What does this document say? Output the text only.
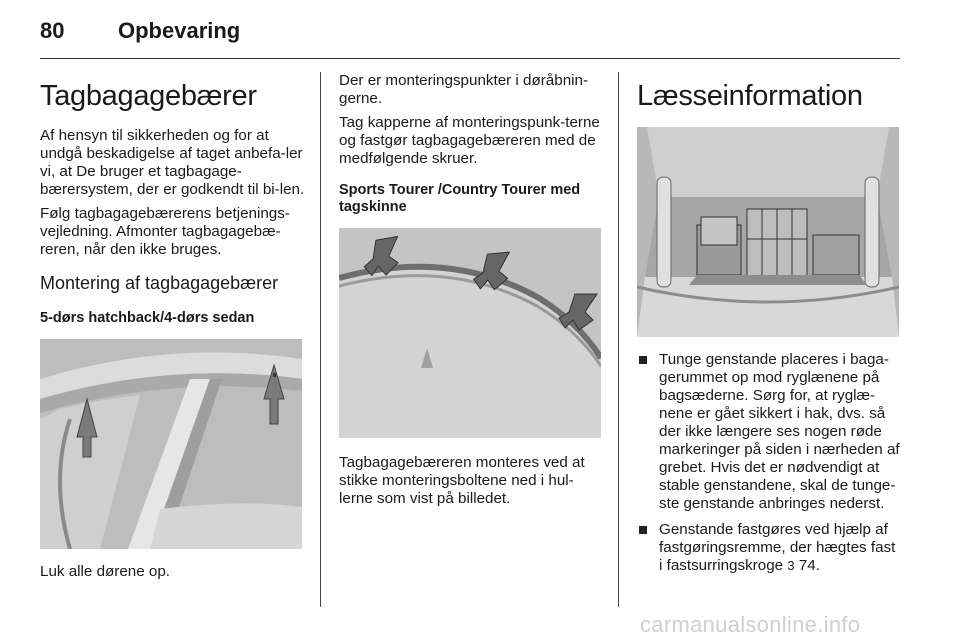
80 Opbevaring
Tagbagagebærer

Af hensyn til sikkerheden og for at undgå beskadigelse af taget anbefa-ler vi, at De bruger et tagbagage-bærersystem, der er godkendt til bi-len.

Følg tagbagagebærerens betjenings-vejledning. Afmonter tagbagagebæ-reren, når den ikke bruges.

Montering af tagbagagebærer
5-dørs hatchback/4-dørs sedan

Luk alle dørene op.

Der er monteringspunkter i døråbnin-gerne.

Tag kapperne af monteringspunk-terne og fastgør tagbagagebæreren med de medfølgende skruer.

Sports Tourer /Country Tourer med tagskinne

Tagbagagebæreren monteres ved at stikke monteringsboltene ned i hul-lerne som vist på billedet.

Læsseinformation
Tunge genstande placeres i baga-gerummet op mod ryglænene på bagsæderne. Sørg for, at ryglæ-nene er gået sikkert i hak, dvs. så der ikke længere ses nogen røde markeringer på siden i nærheden af grebet. Hvis det er nødvendigt at stable genstandene, skal de tunge-ste genstande anbringes nederst.
Genstande fastgøres ved hjælp af fastgøringsremme, der hægtes fast i fastsurringskroge 3 74.
carmanualsonline.info
